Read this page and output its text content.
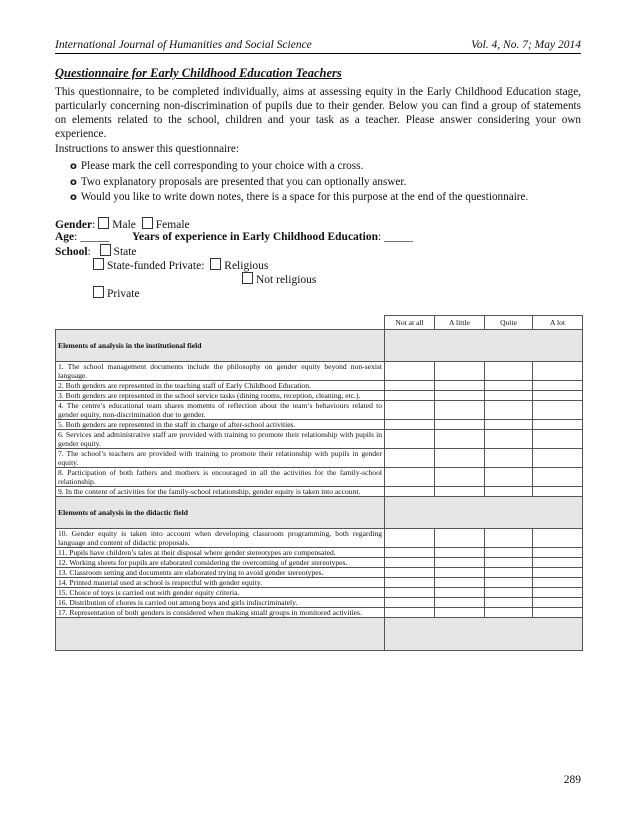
International Journal of Humanities and Social Science	Vol. 4, No. 7; May 2014
Questionnaire for Early Childhood Education Teachers
This questionnaire, to be completed individually, aims at assessing equity in the Early Childhood Education stage, particularly concerning non-discrimination of pupils due to their gender. Below you can find a group of statements on elements related to the school, children and your task as a teacher. Please answer considering your own experience.
Instructions to answer this questionnaire:
o Please mark the cell corresponding to your choice with a cross.
o Two explanatory proposals are presented that you can optionally answer.
o Would you like to write down notes, there is a space for this purpose at the end of the questionnaire.
Gender: Male Female
Age: _____ Years of experience in Early Childhood Education: _____
School:  State
State-funded Private: Religious
Not religious
Private
	Not at all	A little	Quite	A lot
Elements of analysis in the institutional field				
1. The school management documents include the philosophy on gender equity beyond non-sexist language.				
2. Both genders are represented in the teaching staff of Early Childhood Education.				
3. Both genders are represented in the school service tasks (dining rooms, reception, cleaning, etc.).				
4. The centre’s educational team shares moments of reflection about the team’s behaviours related to gender equity, non-discrimination due to gender.				
5. Both genders are represented in the staff in charge of after-school activities.				
6. Services and administrative staff are provided with training to promote their relationship with pupils in gender equity.				
7. The school’s teachers are provided with training to promote their relationship with pupils in gender equity.				
8. Participation of both fathers and mothers is encouraged in all the activities for the family-school relationship.				
9. In the content of activities for the family-school relationship, gender equity is taken into account.				
Elements of analysis in the didactic field				
10. Gender equity is taken into account when developing classroom programming, both regarding language and content of didactic proposals.				
11. Pupils have children’s tales at their disposal where gender stereotypes are compensated.				
12. Working sheets for pupils are elaborated considering the overcoming of gender stereotypes.				
13. Classroom setting and documents are elaborated trying to avoid gender stereotypes.				
14. Printed material used at school is respectful with gender equity.				
15. Choice of toys is carried out with gender equity criteria.				
16. Distribution of chores is carried out among boys and girls indiscriminately.				
17. Representation of both genders is considered when making small groups in monitored activities.				

289
